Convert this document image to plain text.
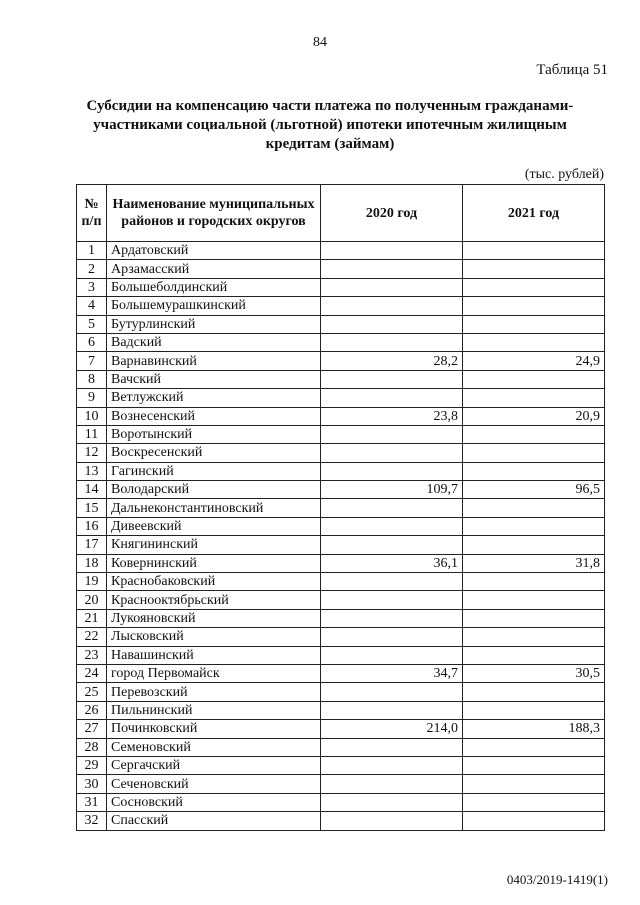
84
Таблица 51
Субсидии на компенсацию части платежа по полученным гражданами-участниками социальной (льготной) ипотеки ипотечным жилищным кредитам (займам)
(тыс. рублей)
№ п/п	Наименование муниципальных районов и городских округов	2020 год	2021 год
1	Ардатовский		
2	Арзамасский		
3	Большеболдинский		
4	Большемурашкинский		
5	Бутурлинский		
6	Вадский		
7	Варнавинский	28,2	24,9
8	Вачский		
9	Ветлужский		
10	Вознесенский	23,8	20,9
11	Воротынский		
12	Воскресенский		
13	Гагинский		
14	Володарский	109,7	96,5
15	Дальнеконстантиновский		
16	Дивеевский		
17	Княгининский		
18	Ковернинский	36,1	31,8
19	Краснобаковский		
20	Краснооктябрьский		
21	Лукояновский		
22	Лысковский		
23	Навашинский		
24	город Первомайск	34,7	30,5
25	Перевозский		
26	Пильнинский		
27	Починковский	214,0	188,3
28	Семеновский		
29	Сергачский		
30	Сеченовский		
31	Сосновский		
32	Спасский		
0403/2019-1419(1)
